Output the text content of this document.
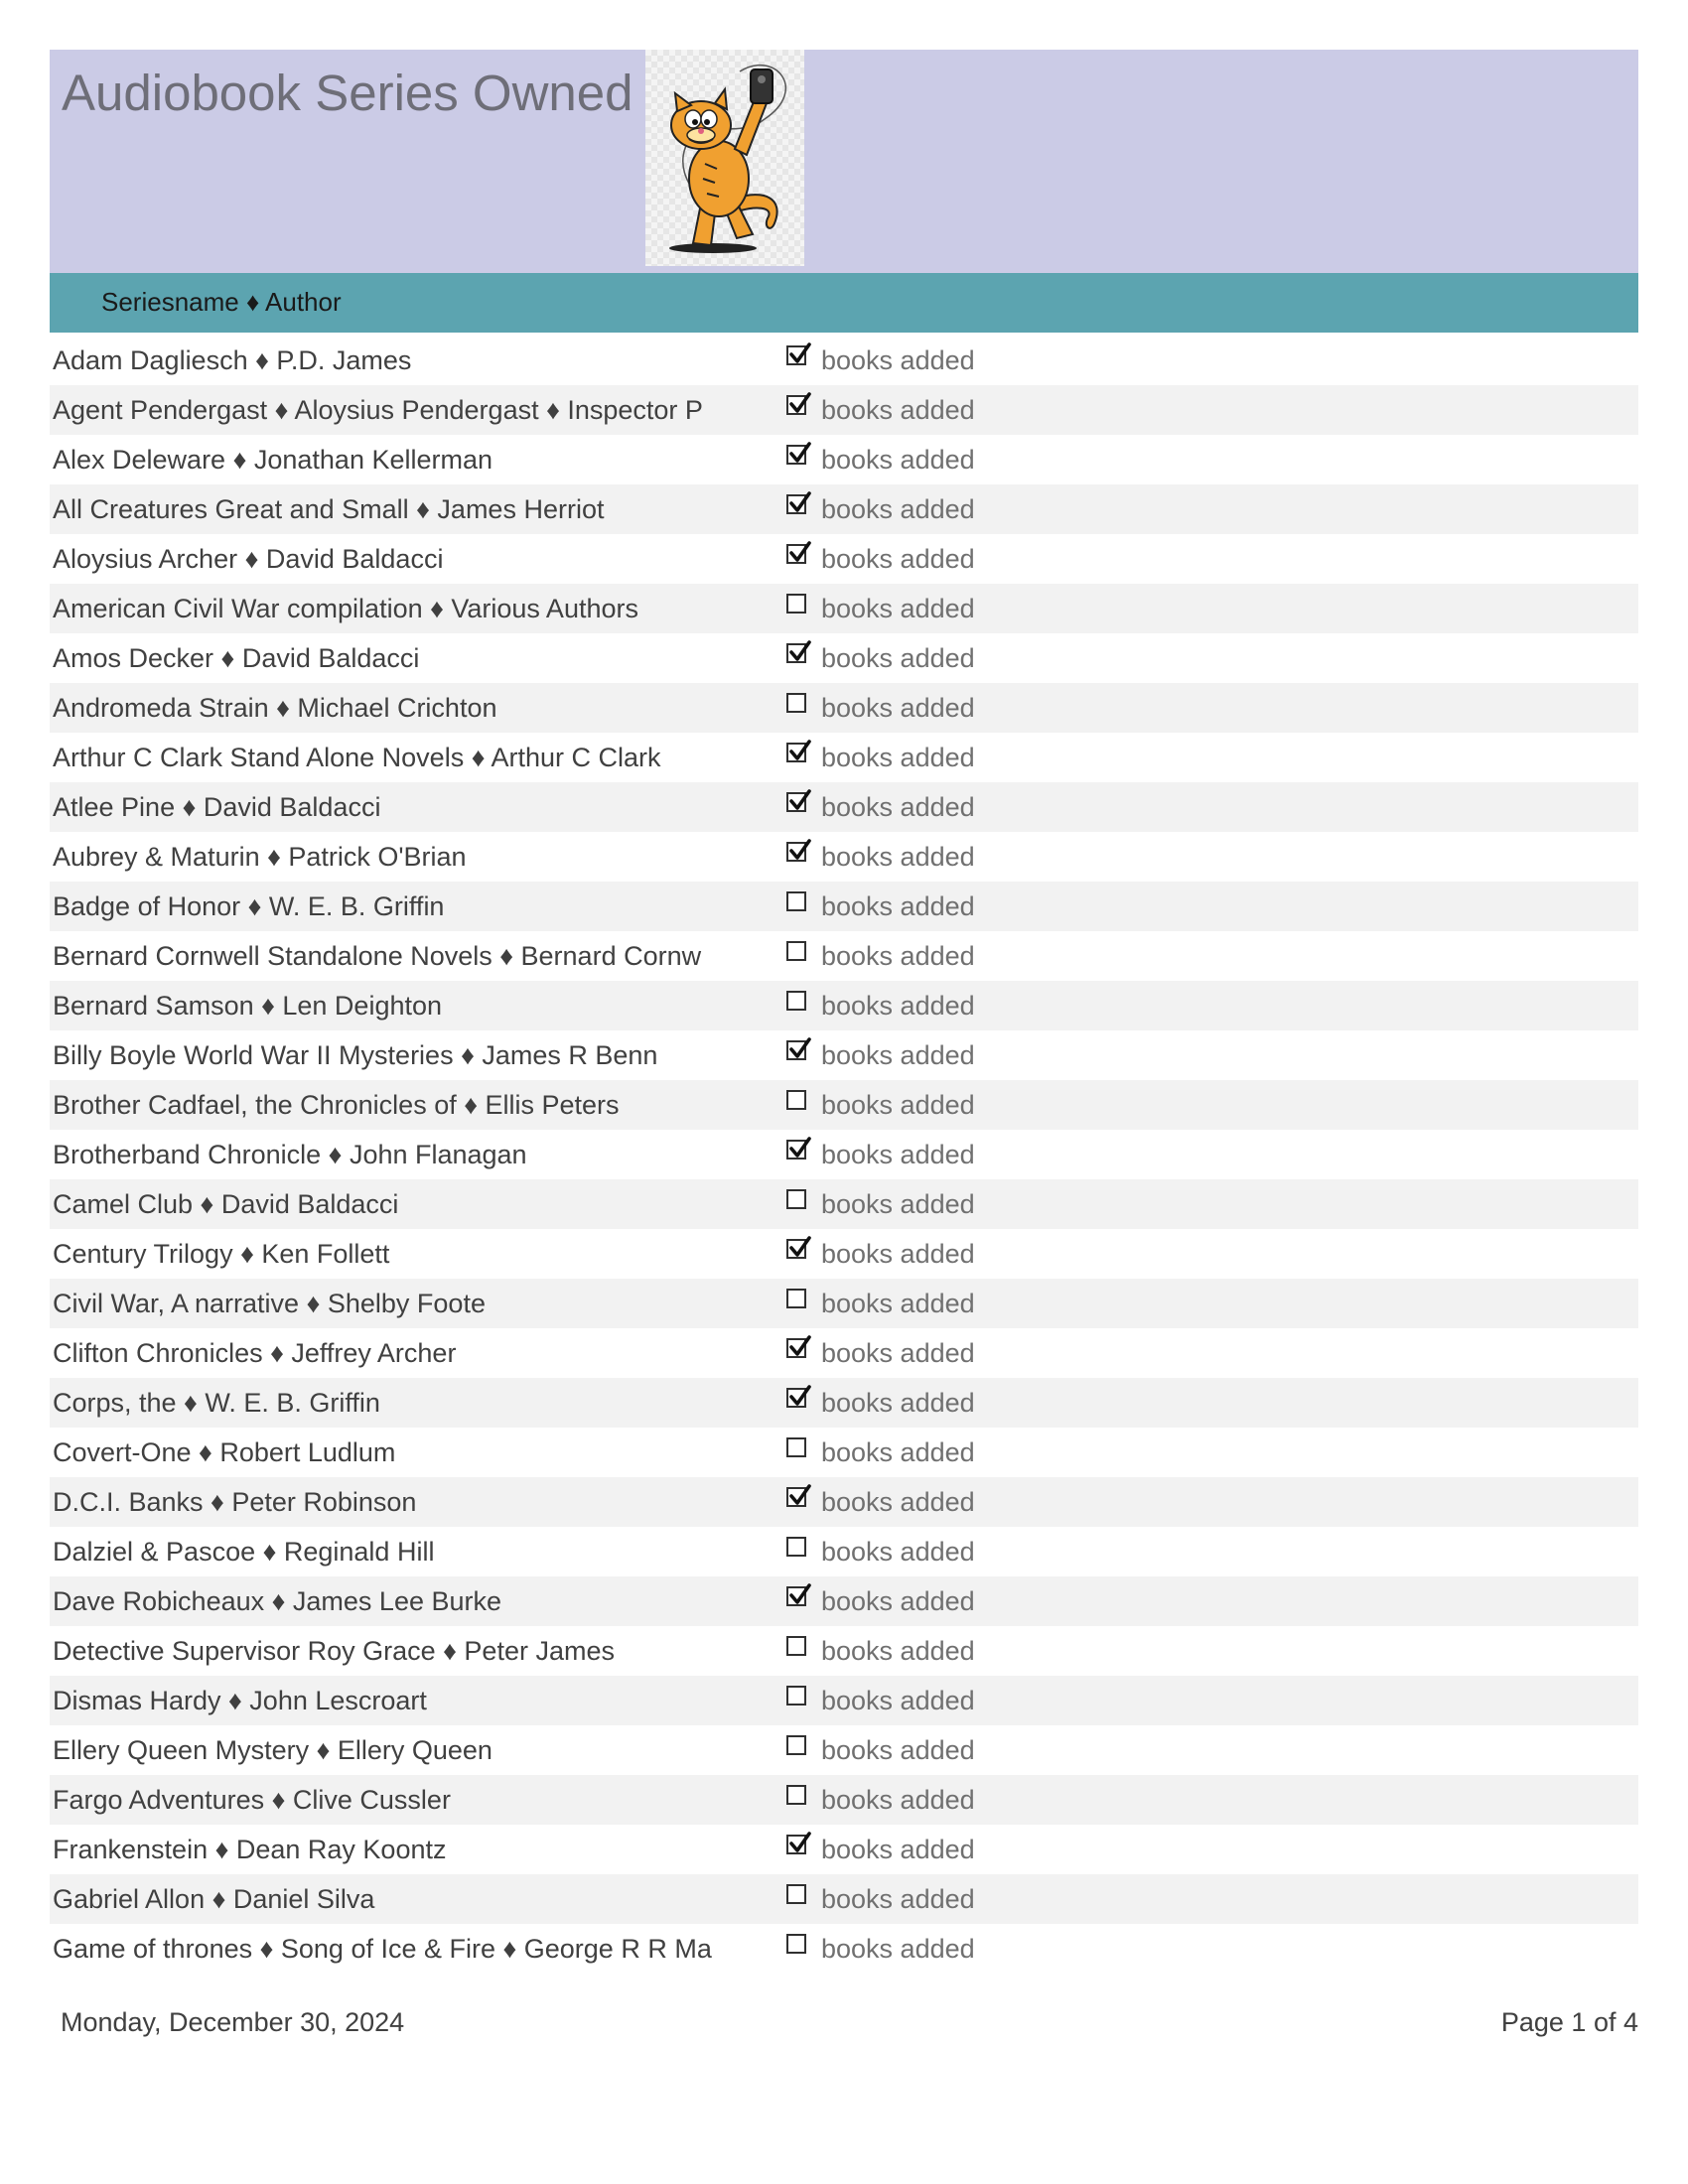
Audiobook Series Owned
Seriesname ♦ Author
Adam Dagliesch ♦ P.D. James	books added
Agent Pendergast ♦ Aloysius Pendergast ♦ Inspector P	books added
Alex Deleware ♦ Jonathan Kellerman	books added
All Creatures Great and Small ♦ James Herriot	books added
Aloysius Archer ♦ David Baldacci	books added
American Civil War compilation ♦ Various Authors	books added
Amos Decker ♦ David Baldacci	books added
Andromeda Strain ♦ Michael Crichton	books added
Arthur C Clark Stand Alone Novels ♦ Arthur C Clark	books added
Atlee Pine ♦ David Baldacci	books added
Aubrey & Maturin ♦ Patrick O'Brian	books added
Badge of Honor ♦ W. E. B. Griffin	books added
Bernard Cornwell Standalone Novels ♦ Bernard Cornw	books added
Bernard Samson ♦ Len Deighton	books added
Billy Boyle World War II Mysteries ♦ James R Benn	books added
Brother Cadfael, the Chronicles of ♦ Ellis Peters	books added
Brotherband Chronicle ♦ John Flanagan	books added
Camel Club ♦ David Baldacci	books added
Century Trilogy ♦ Ken Follett	books added
Civil War, A narrative ♦ Shelby Foote	books added
Clifton Chronicles ♦ Jeffrey Archer	books added
Corps, the ♦ W. E. B. Griffin	books added
Covert-One ♦ Robert Ludlum	books added
D.C.I. Banks ♦ Peter Robinson	books added
Dalziel & Pascoe ♦ Reginald Hill	books added
Dave Robicheaux ♦ James Lee Burke	books added
Detective Supervisor Roy Grace ♦ Peter James	books added
Dismas Hardy ♦ John Lescroart	books added
Ellery Queen Mystery ♦ Ellery Queen	books added
Fargo Adventures ♦ Clive Cussler	books added
Frankenstein ♦ Dean Ray Koontz	books added
Gabriel Allon ♦ Daniel Silva	books added
Game of thrones ♦ Song of Ice & Fire ♦ George R R Ma	books added
Monday, December 30, 2024	Page 1 of 4
